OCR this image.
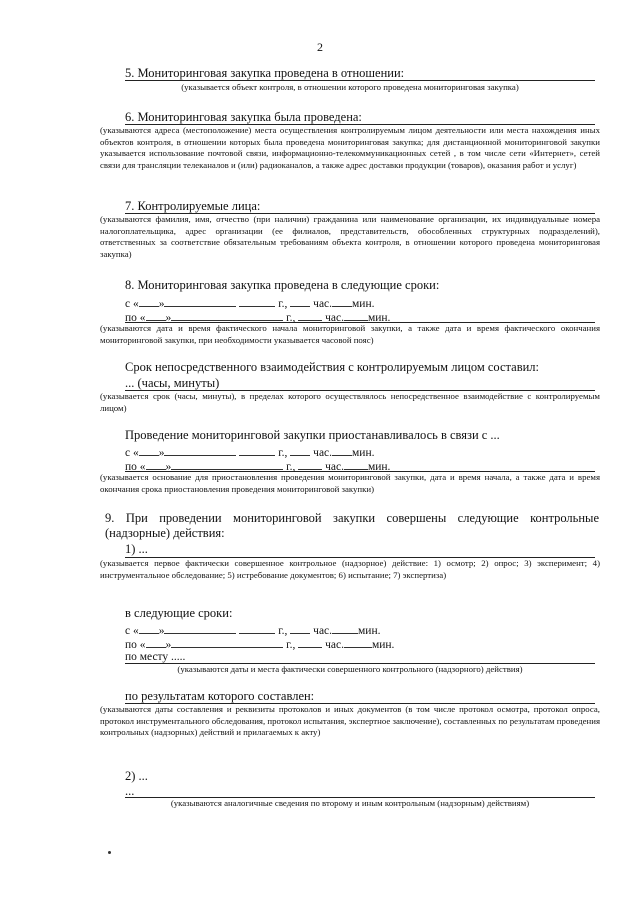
2
5. Мониторинговая закупка проведена в отношении:
(указывается объект контроля, в отношении которого проведена мониторинговая закупка)
6. Мониторинговая закупка была проведена:
(указываются адреса (местоположение) места осуществления контролируемым лицом деятельности или места нахождения иных объектов контроля, в отношении которых была проведена мониторинговая закупка; для дистанционной мониторинговой закупки указывается использование почтовой связи, информационно-телекоммуникационных сетей , в том числе сети «Интернет», сетей связи для трансляции телеканалов и (или) радиоканалов, а также адрес доставки продукции (товаров), оказания работ и услуг)
7. Контролируемые лица:
(указываются фамилия, имя, отчество (при наличии) гражданина или наименование организации, их индивидуальные номера налогоплательщика, адрес организации (ее филиалов, представительств, обособленных структурных подразделений), ответственных за соответствие обязательным требованиям объекта контроля, в отношении которого проведена мониторинговая закупка)
8. Мониторинговая закупка проведена в следующие сроки:
с « »	г., час. мин.
по « »	г.,	час. мин.
(указываются дата и время фактического начала мониторинговой закупки, а также дата и время фактического окончания мониторинговой закупки, при необходимости указывается часовой пояс)
Срок непосредственного взаимодействия с контролируемым лицом составил:
... (часы, минуты)
(указывается срок (часы, минуты), в пределах которого осуществлялось непосредственное взаимодействие с контролируемым лицом)
Проведение мониторинговой закупки приостанавливалось в связи с ...
с « »	г., час. мин.
по « »	г.,	час. мин.
(указывается основание для приостановления проведения мониторинговой закупки, дата и время начала, а также дата и время окончания срока приостановления проведения мониторинговой закупки)
9. При проведении мониторинговой закупки совершены следующие контрольные
(надзорные) действия:
1) ...
(указывается первое фактически совершенное контрольное (надзорное) действие: 1) осмотр; 2) опрос; 3) эксперимент; 4) инструментальное обследование; 5) истребование документов; 6) испытание; 7) экспертиза)
в следующие сроки:
с « »	г., час. мин.
по « »	г.,	час. мин.
по месту .....
(указываются даты и места фактически совершенного контрольного (надзорного) действия)
по результатам которого составлен:
(указываются даты составления и реквизиты протоколов и иных документов (в том числе протокол осмотра, протокол опроса, протокол инструментального обследования, протокол испытания, экспертное заключение), составленных по результатам проведения контрольных (надзорных) действий и прилагаемых к акту)
2) ...
...
(указываются аналогичные сведения по второму и иным контрольным (надзорным) действиям)
